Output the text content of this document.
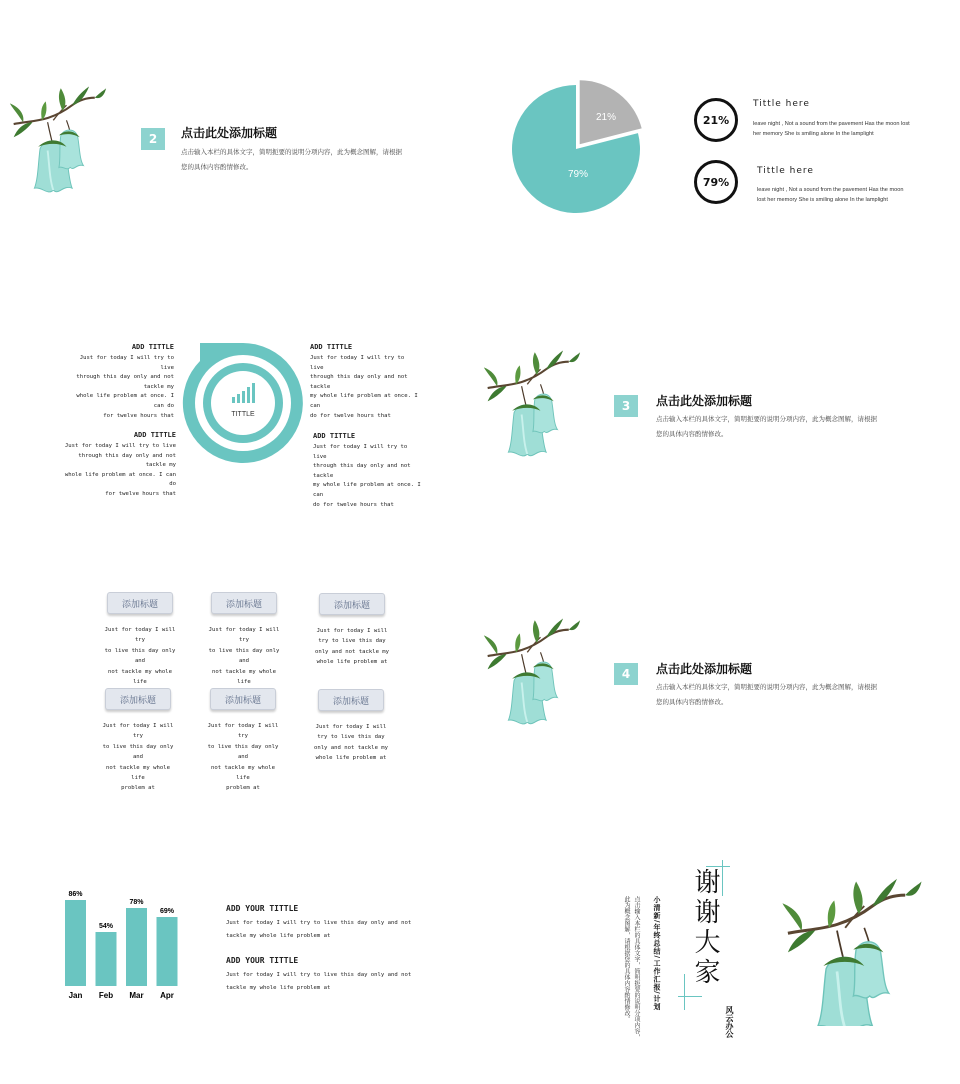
2	点击此处添加标题
点击输入本栏的具体文字，简明扼要的说明分项内容，此为概念图解，请根据
您的具体内容酌情修改。
79%
21%	21%
Tittle here
leave night , Not a sound from the pavement Has the moon lost
her memory She is smiling alone In the lamplight
79%
Tittle here
leave night , Not a sound from the pavement Has the moon
lost her memory She is smiling alone In the lamplight
TITTLE
ADD TITTLE
Just for today I will try to live
through this day only and not tackle my
whole life problem at once. I can do
for twelve hours that
ADD TITTLE
Just for today I will try to live
through this day only and not tackle
my whole life problem at once. I can
do for twelve hours that
ADD TITTLE
Just for today I will try to live
through this day only and not tackle my
whole life problem at once. I can do
for twelve hours that
ADD TITTLE
Just for today I will try to live
through this day only and not tackle
my whole life problem at once. I can
do for twelve hours that
3	点击此处添加标题
点击输入本栏的具体文字，简明扼要的说明分项内容，此为概念图解，请根据
您的具体内容酌情修改。
添加标题
Just for today I will try
to live this day only and
not tackle my whole life
添加标题
Just for today I will try
to live this day only and
not tackle my whole life
添加标题
Just for today I will
try to live this day
only and not tackle my
whole life problem at
添加标题
Just for today I will try
to live this day only and
not tackle my whole life
problem at
添加标题
Just for today I will try
to live this day only and
not tackle my whole life
problem at
添加标题
Just for today I will
try to live this day
only and not tackle my
whole life problem at
4	点击此处添加标题
点击输入本栏的具体文字，简明扼要的说明分项内容，此为概念图解，请根据
您的具体内容酌情修改。
86%
Jan
54%
Feb
78%
Mar
69%
Apr
ADD YOUR TITTLE
Just for today I will try to live this day only and not
tackle my whole life problem at
ADD YOUR TITTLE
Just for today I will try to live this day only and not
tackle my whole life problem at	谢谢大家
小清新/年终总结/工作汇报/计划
点击输入本栏的具体文字，简明扼要的说明分项内容，
此为概念图解，请根据您的具体内容酌情修改。	风云办公
